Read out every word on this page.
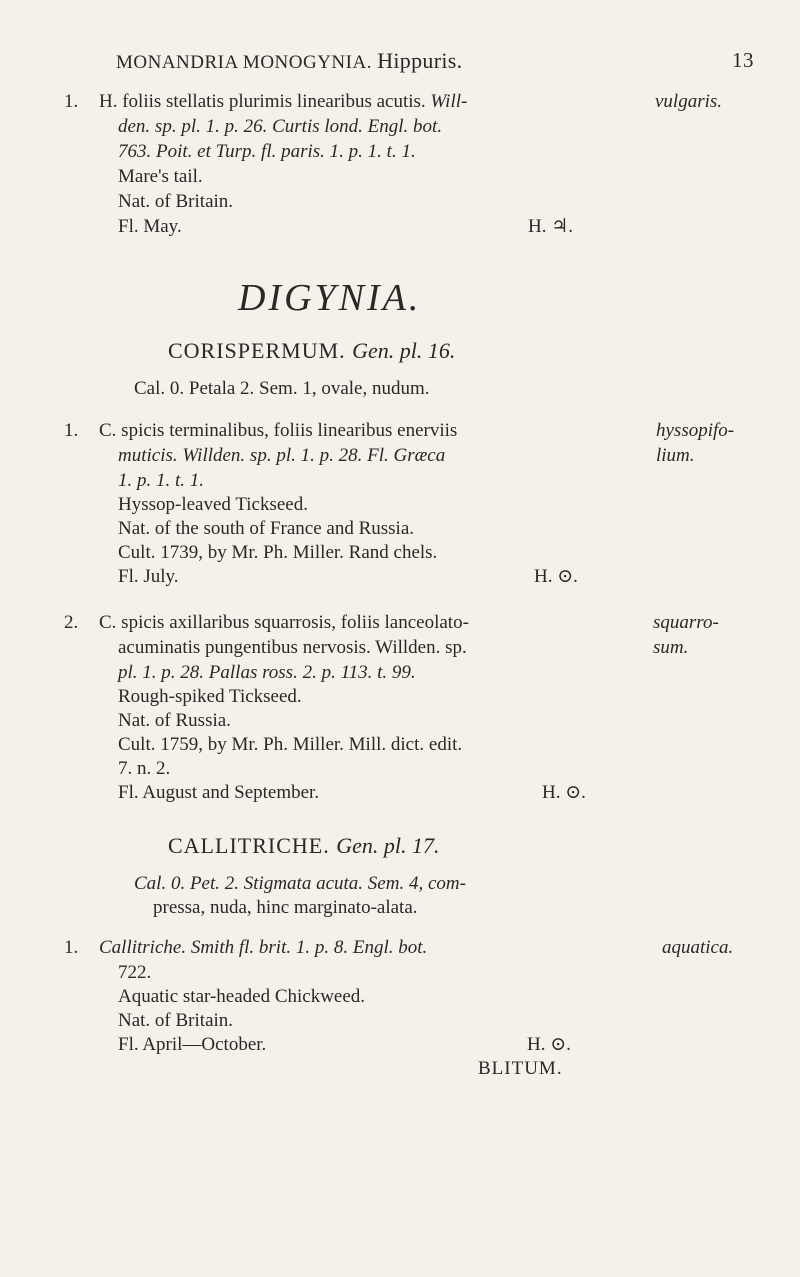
MONANDRIA MONOGYNIA. Hippuris.	13
1. H. foliis stellatis plurimis linearibus acutis. Will-	vulgaris.
den. sp. pl. 1. p. 26. Curtis lond. Engl. bot.
763. Poit. et Turp. fl. paris. 1. p. 1. t. 1.
Mare's tail.
Nat. of Britain.
Fl. May.	H. ♃.
DIGYNIA.
CORISPERMUM. Gen. pl. 16.
Cal. 0. Petala 2. Sem. 1, ovale, nudum.
1. C. spicis terminalibus, foliis linearibus enerviis	hyssopifo-
muticis. Willden. sp. pl. 1. p. 28. Fl. Græca	lium.
1. p. 1. t. 1.
Hyssop-leaved Tickseed.
Nat. of the south of France and Russia.
Cult. 1739, by Mr. Ph. Miller. Rand chels.
Fl. July.	H. ⊙.
2. C. spicis axillaribus squarrosis, foliis lanceolato-	squarro-
acuminatis pungentibus nervosis. Willden. sp.	sum.
pl. 1. p. 28. Pallas ross. 2. p. 113. t. 99.
Rough-spiked Tickseed.
Nat. of Russia.
Cult. 1759, by Mr. Ph. Miller. Mill. dict. edit.
7. n. 2.
Fl. August and September.	H. ⊙.
CALLITRICHE. Gen. pl. 17.
Cal. 0. Pet. 2. Stigmata acuta. Sem. 4, com-
pressa, nuda, hinc marginato-alata.
1. Callitriche. Smith fl. brit. 1. p. 8. Engl. bot.	aquatica.
722.
Aquatic star-headed Chickweed.
Nat. of Britain.
Fl. April—October.	H. ⊙.
BLITUM.
